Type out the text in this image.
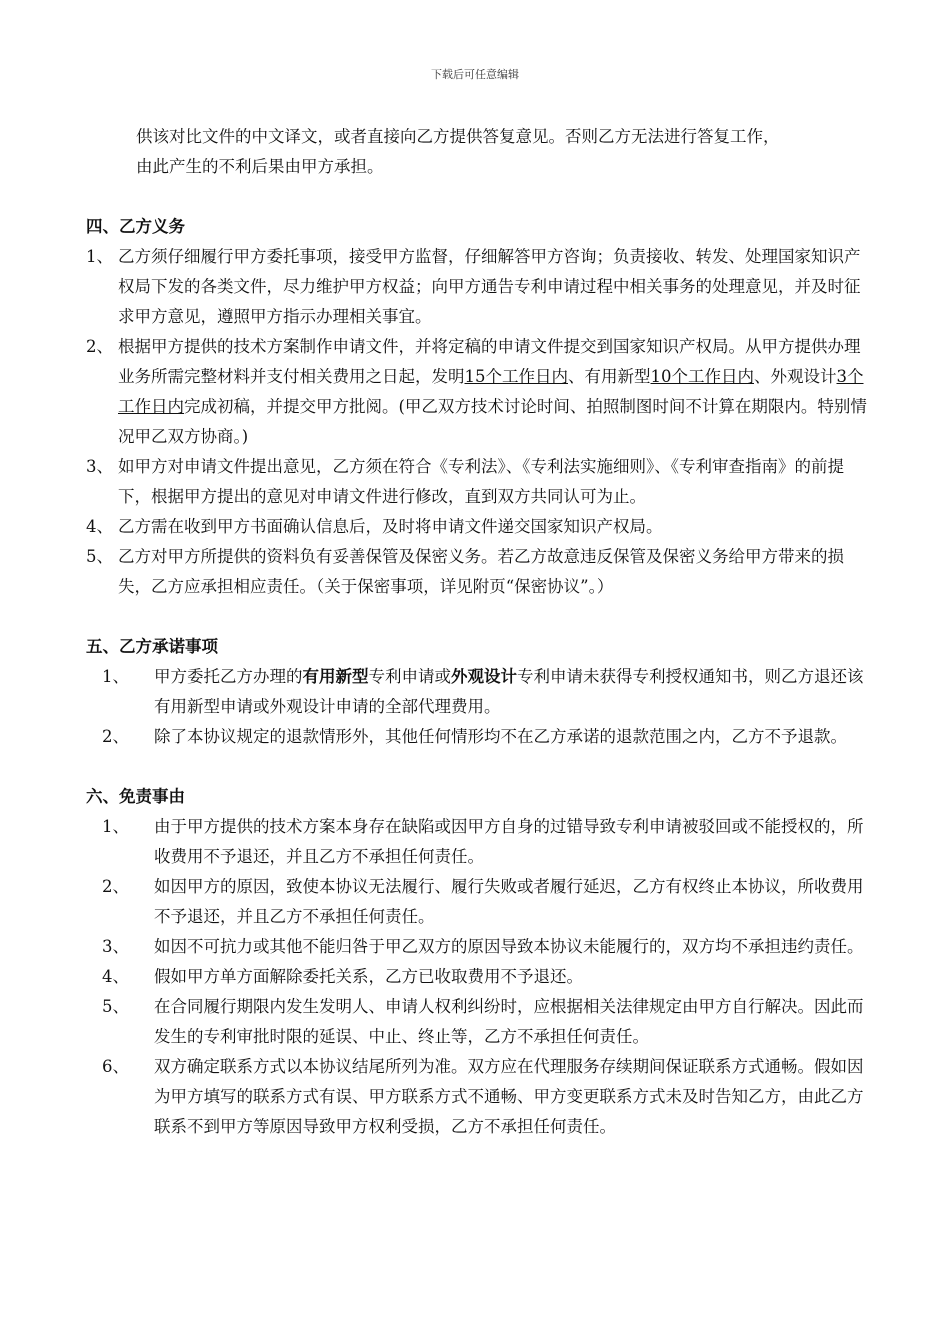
下载后可任意编辑
供该对比文件的中文译文，或者直接向乙方提供答复意见。否则乙方无法进行答复工作，
由此产生的不利后果由甲方承担。
四、乙方义务
1、 乙方须仔细履行甲方委托事项，接受甲方监督，仔细解答甲方咨询；负责接收、转发、处理国家知识产权局下发的各类文件，尽力维护甲方权益；向甲方通告专利申请过程中相关事务的处理意见，并及时征求甲方意见，遵照甲方指示办理相关事宜。
2、 根据甲方提供的技术方案制作申请文件，并将定稿的申请文件提交到国家知识产权局。从甲方提供办理业务所需完整材料并支付相关费用之日起，发明15个工作日内、有用新型10个工作日内、外观设计3个工作日内完成初稿，并提交甲方批阅。(甲乙双方技术讨论时间、拍照制图时间不计算在期限内。特别情况甲乙双方协商。)
3、 如甲方对申请文件提出意见，乙方须在符合《专利法》、《专利法实施细则》、《专利审查指南》的前提下，根据甲方提出的意见对申请文件进行修改，直到双方共同认可为止。
4、 乙方需在收到甲方书面确认信息后，及时将申请文件递交国家知识产权局。
5、 乙方对甲方所提供的资料负有妥善保管及保密义务。若乙方故意违反保管及保密义务给甲方带来的损失，乙方应承担相应责任。（关于保密事项，详见附页“保密协议”。）
五、乙方承诺事项
1、	甲方委托乙方办理的有用新型专利申请或外观设计专利申请未获得专利授权通知书，则乙方退还该有用新型申请或外观设计申请的全部代理费用。
2、	除了本协议规定的退款情形外，其他任何情形均不在乙方承诺的退款范围之内，乙方不予退款。
六、免责事由
1、	由于甲方提供的技术方案本身存在缺陷或因甲方自身的过错导致专利申请被驳回或不能授权的，所收费用不予退还，并且乙方不承担任何责任。
2、	如因甲方的原因，致使本协议无法履行、履行失败或者履行延迟，乙方有权终止本协议，所收费用不予退还，并且乙方不承担任何责任。
3、	如因不可抗力或其他不能归咎于甲乙双方的原因导致本协议未能履行的，双方均不承担违约责任。
4、	假如甲方单方面解除委托关系，乙方已收取费用不予退还。
5、	在合同履行期限内发生发明人、申请人权利纠纷时，应根据相关法律规定由甲方自行解决。因此而发生的专利审批时限的延误、中止、终止等，乙方不承担任何责任。
6、	双方确定联系方式以本协议结尾所列为准。双方应在代理服务存续期间保证联系方式通畅。假如因为甲方填写的联系方式有误、甲方联系方式不通畅、甲方变更联系方式未及时告知乙方，由此乙方联系不到甲方等原因导致甲方权利受损，乙方不承担任何责任。
